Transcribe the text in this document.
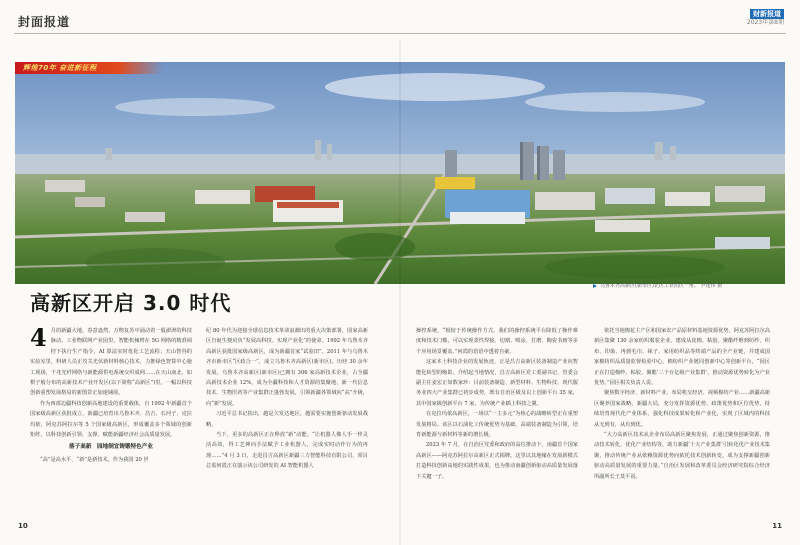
封面报道
财新报道
2023年第8期
辉煌70年 奋进新征程
乌鲁木齐高新区(新市区)北区工业园区一角。 尹建伟 摄
高新区开启 3.0 时代
4 月的新疆大地，春意盎然，万物复苏中涌动着一股澎湃的科技脉动。工业物联网产业园里，智能机械臂在 5G 网络的精准调控下执行生产指令，AI 算法实时优化工艺流程；天山智谷的实验室里，科研人员正攻关光伏新材料核心技术，力推绿色智算中心施工现场，千兆光纤网络与新能源供电系统交织成网……在天山南北，如棋子般分布的高新技术产业开发区(以下简称“高新区”)里，一幅以科技创新重塑发展格局的新图景正加速铺展。

作为西部边疆科技创新高地建设的重要载体，自 1992 年新疆首个国家级高新区获批成立，新疆已培育出乌鲁木齐、昌吉、石河子、克拉玛依、阿克苏阿拉尔等 5 个国家级高新区，形成覆盖多个领域的创新矩阵，以科技创新引领、支撑、赋能新疆经济社会高质量发展。

落子高新　园地制宜铸锻特色产业

“高”是高水平，“新”是新技术。作为我国 20 世

纪 80 年代为迎接全球信息技术革命浪潮出的重大决策部署，国家高新区自诞生便肩负“发展高科技、实现产业化”的使命。1992 年乌鲁木齐高新区获批国家级高新区，成为新疆首家“试验田”。2011 年与乌鲁木齐市新市区“区政合一”，成立乌鲁木齐高新区(新市区)。历经 30 余年发展，乌鲁木齐高新区(新市区)已拥有 306 家高新技术企业，占全疆高新技术企业 12%，成为全疆科技和人才资源的集聚地、新一代信息技术、生物医药等产业集群正蓬勃发展，引领新疆各领域向“高”升级，向“新”发展。

习近平总书记指出，越是欠发达地区，越需要实施创新驱动发展战略。

当下，更多的高新区正在释放“新”动能。“让机器人像人手一样灵活高效，得工艺伸向手法赋予工业机器人，完成实时动作行为的再现……”4 月 3 日，走进昌吉高新区新疆三力智能科技有限公司，项目总监何霞正在演示该公司研发的 AI 智能机器人

操控系统，“相较于传统操作方式，我们的操控系统平台降低了操作难度和技术门槛，可以实现柔性焊接、切割、喷涂、打磨、陶瓷书画等多个应用场景覆盖。”何霞的语语中透着自豪。

这家本土科技企业的发展轨迹，正是昌吉高新区装备制造产业向智能化转型的缩影。介绍起当地情况，昌吉高新区党工委副书记、管委会副主任姜宏正如数家珍：目前装备制造、新型材料、生物科技、现代服务业四大产业集群已初步成势，既有自治区级及以上创新平台 35 家，其中国家级创新平台 7 家，为传统产业插上科技之翼。

在克拉玛依高新区，一场以“一主多元”为核心的战略转型正在重塑发展格局。该区以石油化工传统优势为基础，高端装备制造为引领，培育新能源与新材料等新的增长极。

2023 年 7 月，在自治区党委和政府的高位推动下，南疆首个国家高新区——阿克苏阿拉尔高新区正式揭牌。这里以其地缘在发展新模式打造科技创新高地的实践性成果，也为推动南疆创新驱动高质量发展落下关键一子。

依托当地棉花主产区和国家农产品原材料基地资源优势，阿克苏阿拉尔高新区集聚 130 余家纺织服装企业，建成从皮棉、粘胶、聚酯纤维到纺纱、织布、印染、再到毛巾、袜子、家用纺织品等终端产品的全产业链，并建成国家棉纺织品质量监督检验中心，棉纺织产业链同创新中心等创新平台，“园区正在打造棉纱、粘胶、聚酯‘三个百亿级产业集群’，推动资源优势转化为产业优势。”园区相关负责人说。

聚焦数字经济、新材料产业、布局机交经济、视频棉纺产业……新疆高新区聚养国家战略、新疆大局，充分发挥资源优势、政策优势和区位优势，持续培育现代化产业体系，强化科技成果转化和产业化，实现了区域内的科技从无到有，从有到优。

“大力高新区技术从企业布局高新区聚焦发展，正通过聚焦创新资源，推动技术转化，优化产业结构等，助力新疆‘十大产业集群’引转化优产业技术集聚，推动传统产业从依赖资源优势向依托技术创新转变，成为支撑新疆创新驱动高质量发展的重要力量。”自治区发展和改革委员会经济研究院综合经济所副所长王莫平说。

10	11
